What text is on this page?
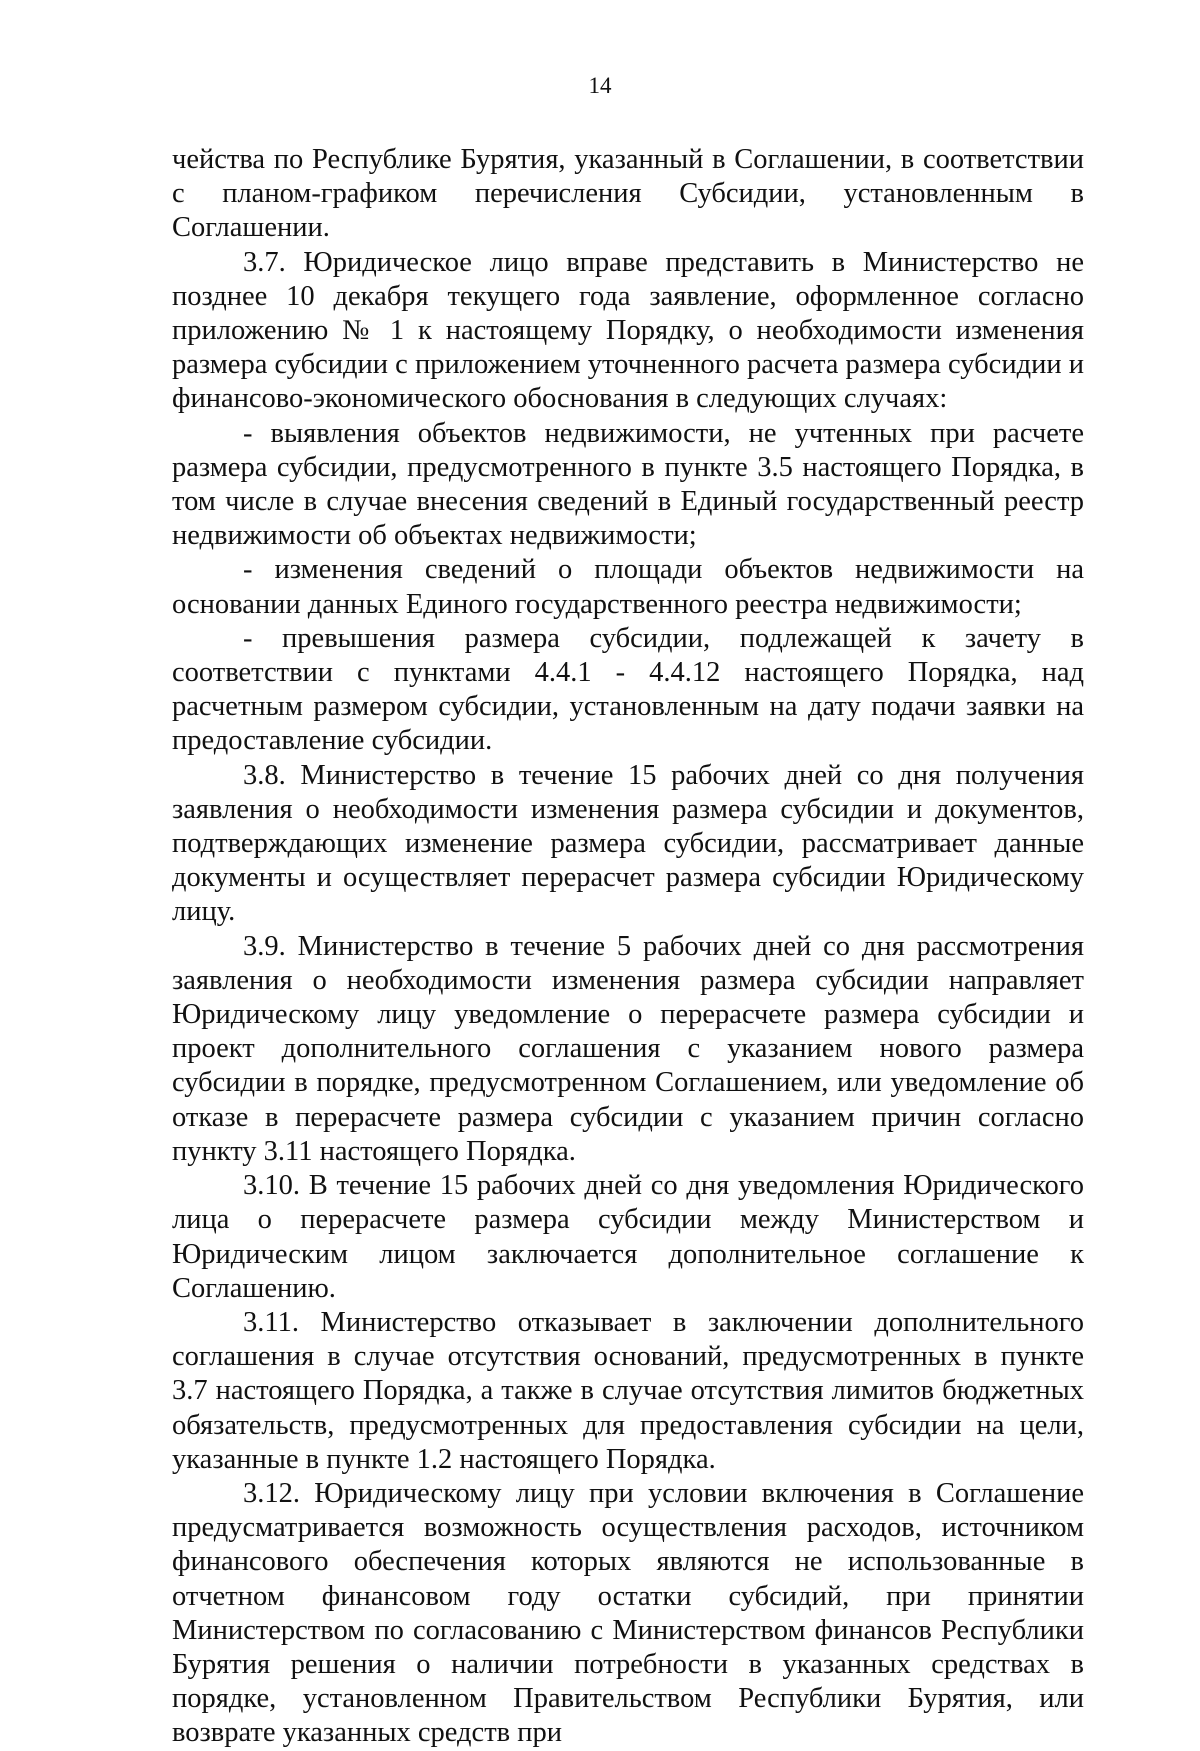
14

чейства по Республике Бурятия, указанный в Соглашении, в соответствии с планом-графиком перечисления Субсидии, установленным в Соглашении.

3.7. Юридическое лицо вправе представить в Министерство не позднее 10 декабря текущего года заявление, оформленное согласно приложению № 1 к настоящему Порядку, о необходимости изменения размера субсидии с приложением уточненного расчета размера субсидии и финансово-экономического обоснования в следующих случаях:

- выявления объектов недвижимости, не учтенных при расчете размера субсидии, предусмотренного в пункте 3.5 настоящего Порядка, в том числе в случае внесения сведений в Единый государственный реестр недвижимости об объектах недвижимости;

- изменения сведений о площади объектов недвижимости на основании данных Единого государственного реестра недвижимости;

- превышения размера субсидии, подлежащей к зачету в соответствии с пунктами 4.4.1 - 4.4.12 настоящего Порядка, над расчетным размером субсидии, установленным на дату подачи заявки на предоставление субсидии.

3.8. Министерство в течение 15 рабочих дней со дня получения заявления о необходимости изменения размера субсидии и документов, подтверждающих изменение размера субсидии, рассматривает данные документы и осуществляет перерасчет размера субсидии Юридическому лицу.

3.9. Министерство в течение 5 рабочих дней со дня рассмотрения заявления о необходимости изменения размера субсидии направляет Юридическому лицу уведомление о перерасчете размера субсидии и проект дополнительного соглашения с указанием нового размера субсидии в порядке, предусмотренном Соглашением, или уведомление об отказе в перерасчете размера субсидии с указанием причин согласно пункту 3.11 настоящего Порядка.

3.10. В течение 15 рабочих дней со дня уведомления Юридического лица о перерасчете размера субсидии между Министерством и Юридическим лицом заключается дополнительное соглашение к Соглашению.

3.11. Министерство отказывает в заключении дополнительного соглашения в случае отсутствия оснований, предусмотренных в пункте 3.7 настоящего Порядка, а также в случае отсутствия лимитов бюджетных обязательств, предусмотренных для предоставления субсидии на цели, указанные в пункте 1.2 настоящего Порядка.

3.12. Юридическому лицу при условии включения в Соглашение предусматривается возможность осуществления расходов, источником финансового обеспечения которых являются не использованные в отчетном финансовом году остатки субсидий, при принятии Министерством по согласованию с Министерством финансов Республики Бурятия решения о наличии потребности в указанных средствах в порядке, установленном Правительством Республики Бурятия, или возврате указанных средств при
